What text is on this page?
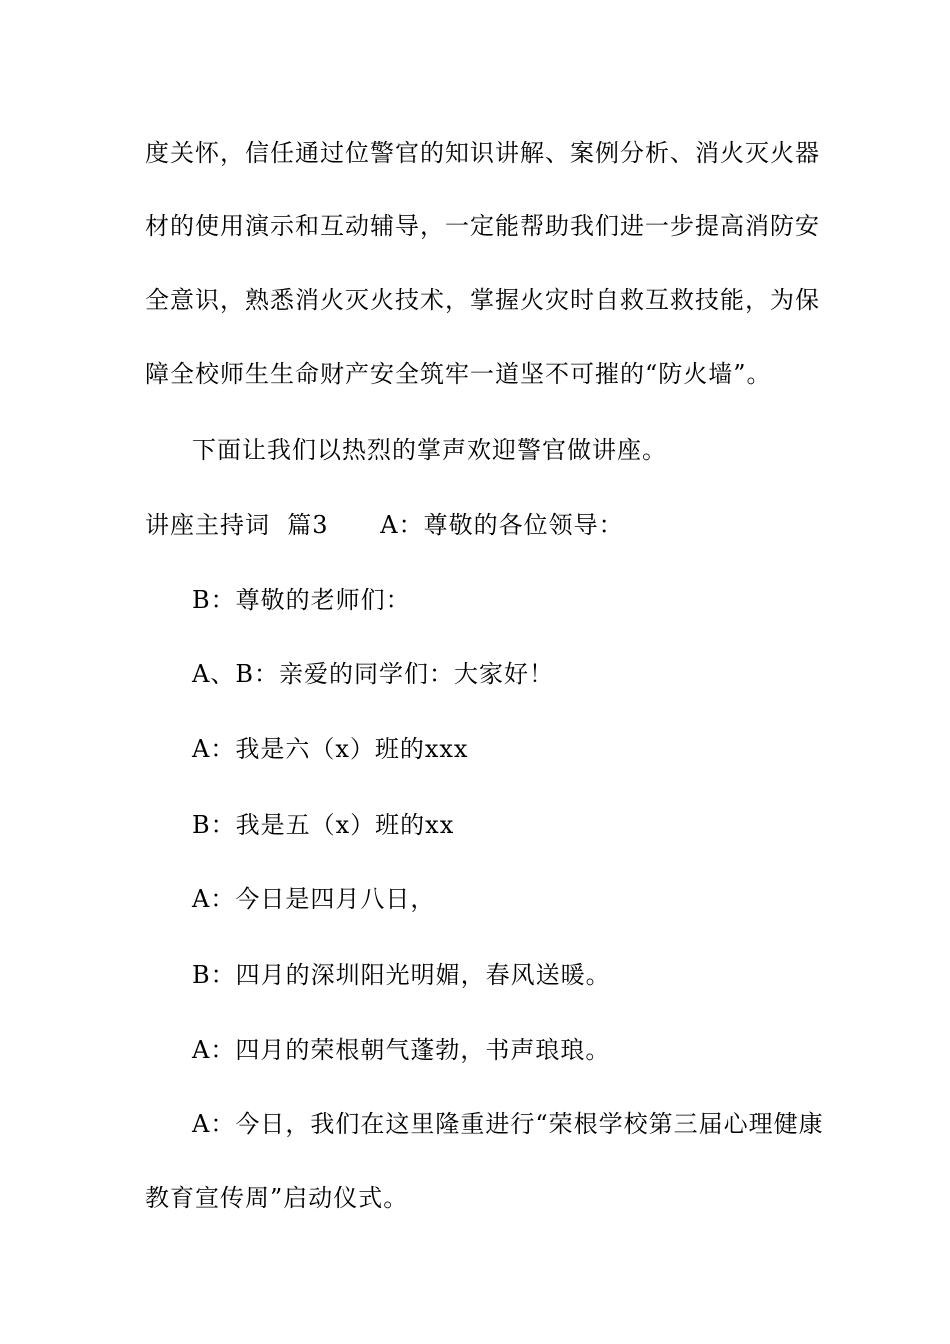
度关怀，信任通过位警官的知识讲解、案例分析、消火灭火器
材的使用演示和互动辅导，一定能帮助我们进一步提高消防安
全意识，熟悉消火灭火技术，掌握火灾时自救互救技能，为保
障全校师生生命财产安全筑牢一道坚不可摧的“防火墙”。
下面让我们以热烈的掌声欢迎警官做讲座。
讲座主持词  篇3      A：尊敬的各位领导：
B：尊敬的老师们：
A、B：亲爱的同学们：大家好！
A：我是六（x）班的xxx
B：我是五（x）班的xx
A：今日是四月八日，
B：四月的深圳阳光明媚，春风送暖。
A：四月的荣根朝气蓬勃，书声琅琅。
A：今日，我们在这里隆重进行“荣根学校第三届心理健康
教育宣传周”启动仪式。
